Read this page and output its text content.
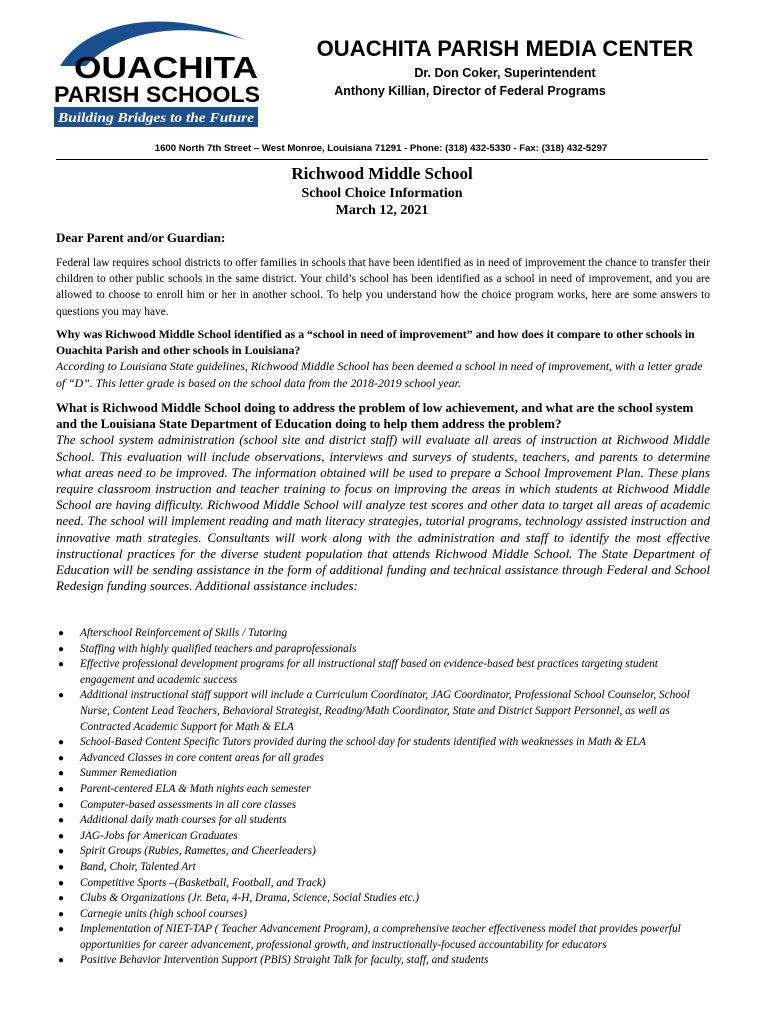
OUACHITA
PARISH SCHOOLS
Building Bridges to the Future
OUACHITA PARISH MEDIA CENTER
Dr. Don Coker, Superintendent
Anthony Killian, Director of Federal Programs
1600 North 7th Street – West Monroe, Louisiana 71291 - Phone: (318) 432-5330 - Fax: (318) 432-5297
Richwood Middle School
School Choice Information
March 12, 2021
Dear Parent and/or Guardian:
Federal law requires school districts to offer families in schools that have been identified as in need of improvement the chance to transfer their children to other public schools in the same district. Your child’s school has been identified as a school in need of improvement, and you are allowed to choose to enroll him or her in another school. To help you understand how the choice program works, here are some answers to questions you may have.
Why was Richwood Middle School identified as a “school in need of improvement” and how does it compare to other schools in Ouachita Parish and other schools in Louisiana?
According to Louisiana State guidelines, Richwood Middle School has been deemed a school in need of improvement, with a letter grade of “D”. This letter grade is based on the school data from the 2018-2019 school year.
What is Richwood Middle School doing to address the problem of low achievement, and what are the school system and the Louisiana State Department of Education doing to help them address the problem?
The school system administration (school site and district staff) will evaluate all areas of instruction at Richwood Middle School. This evaluation will include observations, interviews and surveys of students, teachers, and parents to determine what areas need to be improved. The information obtained will be used to prepare a School Improvement Plan. These plans require classroom instruction and teacher training to focus on improving the areas in which students at Richwood Middle School are having difficulty. Richwood Middle School will analyze test scores and other data to target all areas of academic need. The school will implement reading and math literacy strategies, tutorial programs, technology assisted instruction and innovative math strategies. Consultants will work along with the administration and staff to identify the most effective instructional practices for the diverse student population that attends Richwood Middle School. The State Department of Education will be sending assistance in the form of additional funding and technical assistance through Federal and School Redesign funding sources. Additional assistance includes:
● Afterschool Reinforcement of Skills / Tutoring
● Staffing with highly qualified teachers and paraprofessionals
● Effective professional development programs for all instructional staff based on evidence-based best practices targeting student engagement and academic success
● Additional instructional staff support will include a Curriculum Coordinator, JAG Coordinator, Professional School Counselor, School Nurse, Content Lead Teachers, Behavioral Strategist, Reading/Math Coordinator, State and District Support Personnel, as well as Contracted Academic Support for Math & ELA
● School-Based Content Specific Tutors provided during the school day for students identified with weaknesses in Math & ELA
● Advanced Classes in core content areas for all grades
● Summer Remediation
● Parent-centered ELA & Math nights each semester
● Computer-based assessments in all core classes
● Additional daily math courses for all students
● JAG-Jobs for American Graduates
● Spirit Groups (Rubies, Ramettes, and Cheerleaders)
● Band, Choir, Talented Art
● Competitive Sports –(Basketball, Football, and Track)
● Clubs & Organizations (Jr. Beta, 4-H, Drama, Science, Social Studies etc.)
● Carnegie units (high school courses)
● Implementation of NIET-TAP ( Teacher Advancement Program), a comprehensive teacher effectiveness model that provides powerful opportunities for career advancement, professional growth, and instructionally-focused accountability for educators
● Positive Behavior Intervention Support (PBIS) Straight Talk for faculty, staff, and students
